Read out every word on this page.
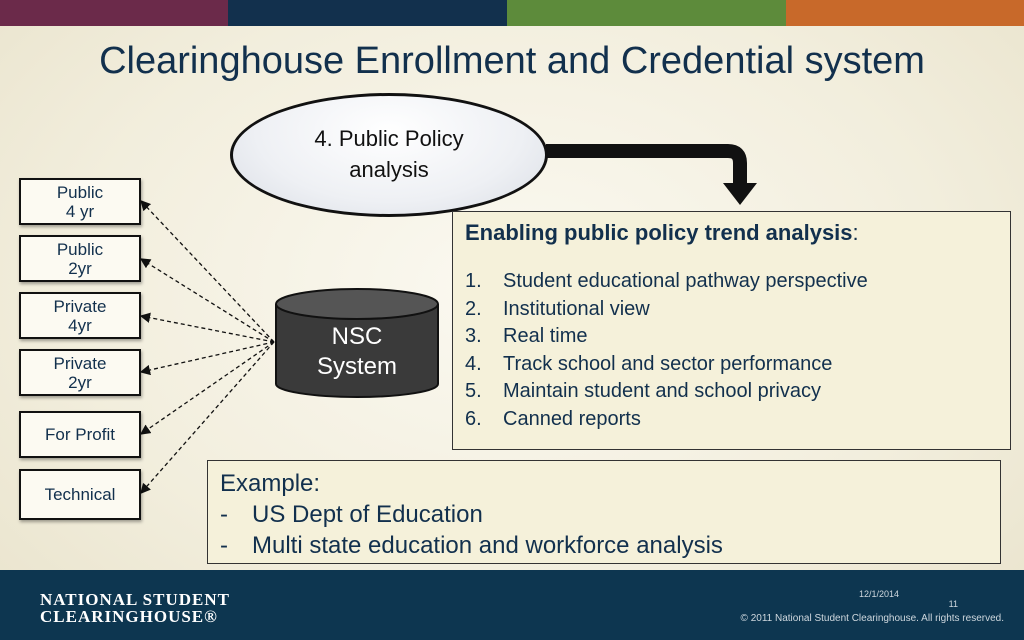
Clearinghouse Enrollment and Credential system
4. Public Policy
analysis
Public
4 yr
Public
2yr
Private
4yr
Private
2yr
For Profit
Technical
NSC
System

Enabling public policy trend analysis:

1.	Student educational pathway perspective
2.	Institutional view
3.	Real time
4.	Track school and sector performance
5.	Maintain student and school privacy
6.	Canned reports
Example:
-	US Dept of Education
-	Multi state education and workforce analysis
NATIONAL STUDENT
CLEARINGHOUSE®
12/1/2014
11
© 2011 National Student Clearinghouse. All rights reserved.
